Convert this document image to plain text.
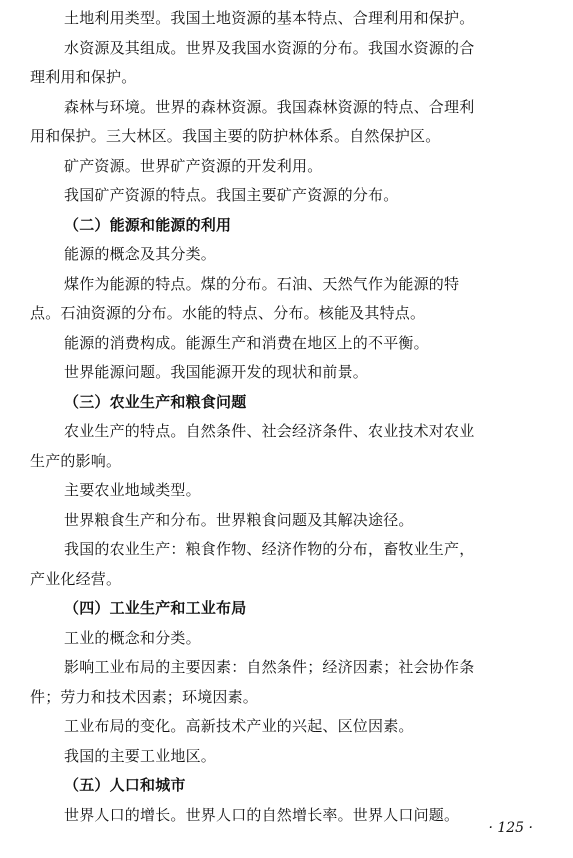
土地利用类型。我国土地资源的基本特点、合理利用和保护。
水资源及其组成。世界及我国水资源的分布。我国水资源的合
理利用和保护。
森林与环境。世界的森林资源。我国森林资源的特点、合理利
用和保护。三大林区。我国主要的防护林体系。自然保护区。
矿产资源。世界矿产资源的开发利用。
我国矿产资源的特点。我国主要矿产资源的分布。
（二）能源和能源的利用
能源的概念及其分类。
煤作为能源的特点。煤的分布。石油、天然气作为能源的特
点。石油资源的分布。水能的特点、分布。核能及其特点。
能源的消费构成。能源生产和消费在地区上的不平衡。
世界能源问题。我国能源开发的现状和前景。
（三）农业生产和粮食问题
农业生产的特点。自然条件、社会经济条件、农业技术对农业
生产的影响。
主要农业地域类型。
世界粮食生产和分布。世界粮食问题及其解决途径。
我国的农业生产：粮食作物、经济作物的分布，畜牧业生产，
产业化经营。
（四）工业生产和工业布局
工业的概念和分类。
影响工业布局的主要因素：自然条件；经济因素；社会协作条
件；劳力和技术因素；环境因素。
工业布局的变化。高新技术产业的兴起、区位因素。
我国的主要工业地区。
（五）人口和城市
世界人口的增长。世界人口的自然增长率。世界人口问题。
· 125 ·
